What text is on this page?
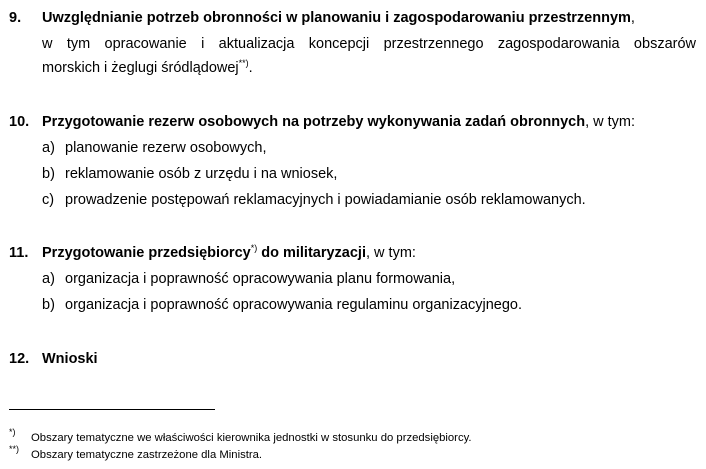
9. Uwzględnianie potrzeb obronności w planowaniu i zagospodarowaniu przestrzennym,
w tym opracowanie i aktualizacja koncepcji przestrzennego zagospodarowania obszarów
morskich i żeglugi śródlądowej**).
10. Przygotowanie rezerw osobowych na potrzeby wykonywania zadań obronnych, w tym:
a) planowanie rezerw osobowych,
b) reklamowanie osób z urzędu i na wniosek,
c) prowadzenie postępowań reklamacyjnych i powiadamianie osób reklamowanych.
11. Przygotowanie przedsiębiorcy*) do militaryzacji, w tym:
a) organizacja i poprawność opracowywania planu formowania,
b) organizacja i poprawność opracowywania regulaminu organizacyjnego.
12. Wnioski
*) Obszary tematyczne we właściwości kierownika jednostki w stosunku do przedsiębiorcy.
**) Obszary tematyczne zastrzeżone dla Ministra.
